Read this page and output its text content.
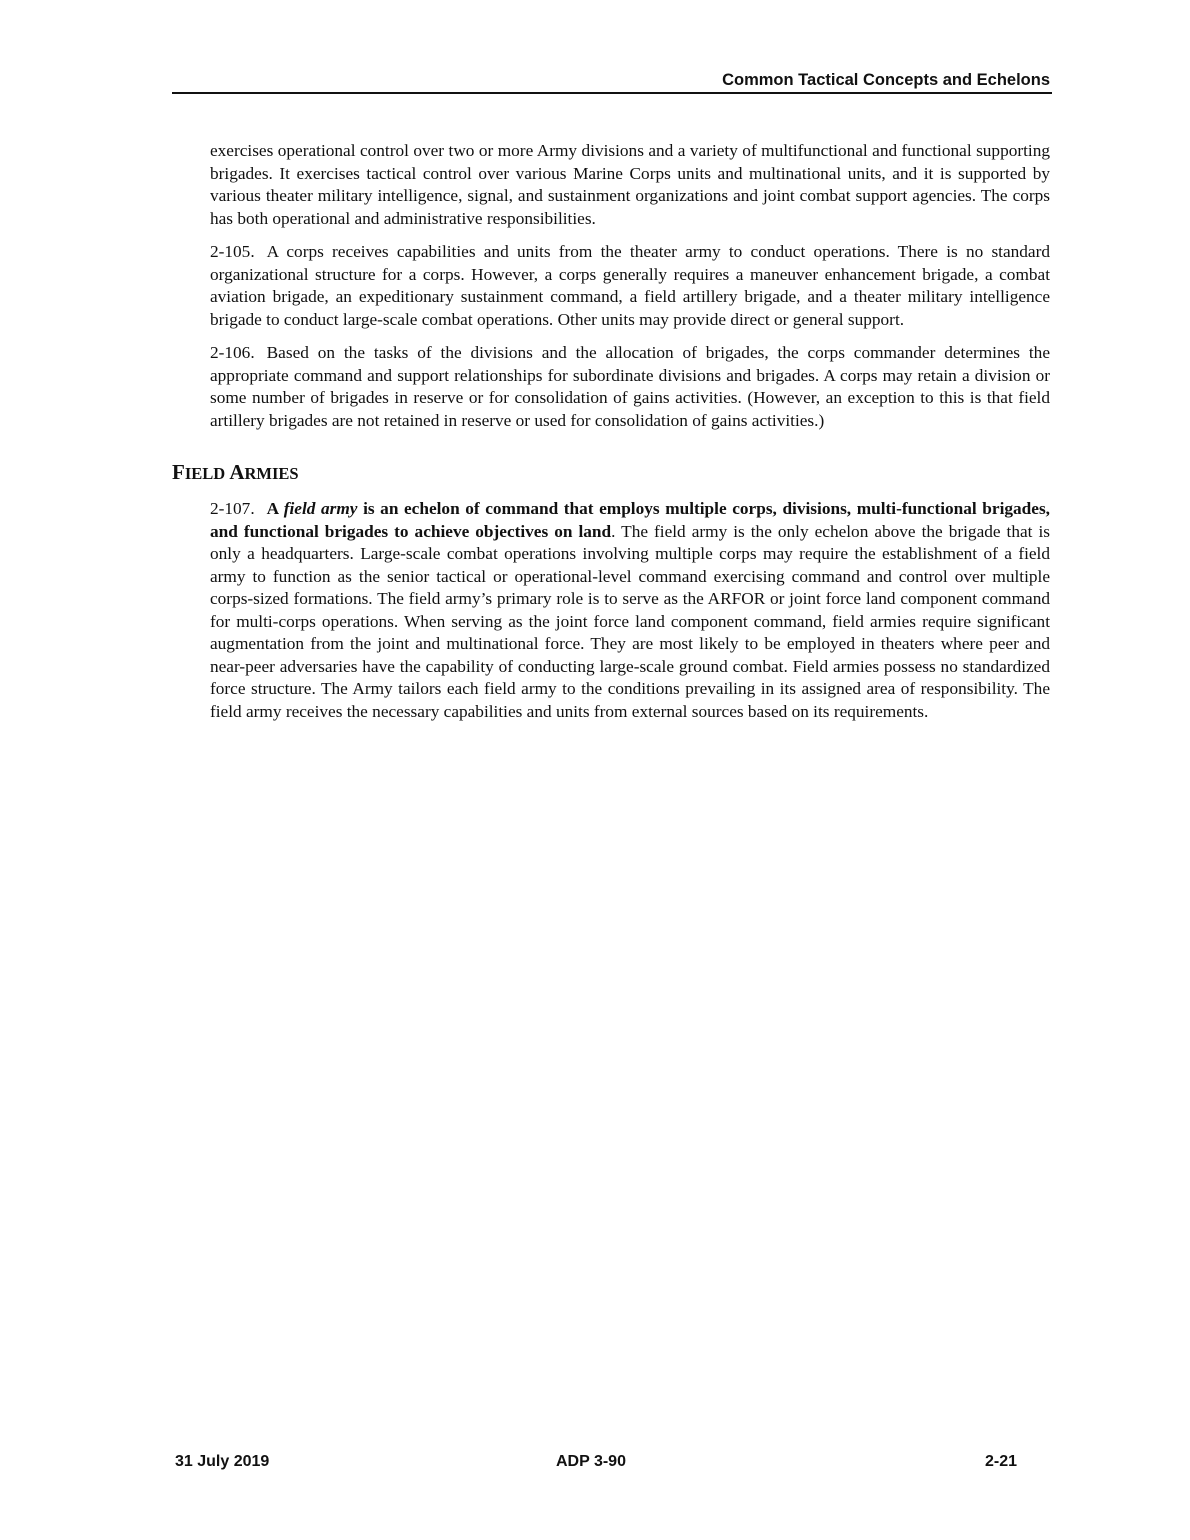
Common Tactical Concepts and Echelons

exercises operational control over two or more Army divisions and a variety of multifunctional and functional supporting brigades. It exercises tactical control over various Marine Corps units and multinational units, and it is supported by various theater military intelligence, signal, and sustainment organizations and joint combat support agencies. The corps has both operational and administrative responsibilities.

2-105. A corps receives capabilities and units from the theater army to conduct operations. There is no standard organizational structure for a corps. However, a corps generally requires a maneuver enhancement brigade, a combat aviation brigade, an expeditionary sustainment command, a field artillery brigade, and a theater military intelligence brigade to conduct large-scale combat operations. Other units may provide direct or general support.

2-106. Based on the tasks of the divisions and the allocation of brigades, the corps commander determines the appropriate command and support relationships for subordinate divisions and brigades. A corps may retain a division or some number of brigades in reserve or for consolidation of gains activities. (However, an exception to this is that field artillery brigades are not retained in reserve or used for consolidation of gains activities.)

FIELD ARMIES

2-107. A field army is an echelon of command that employs multiple corps, divisions, multi-functional brigades, and functional brigades to achieve objectives on land. The field army is the only echelon above the brigade that is only a headquarters. Large-scale combat operations involving multiple corps may require the establishment of a field army to function as the senior tactical or operational-level command exercising command and control over multiple corps-sized formations. The field army’s primary role is to serve as the ARFOR or joint force land component command for multi-corps operations. When serving as the joint force land component command, field armies require significant augmentation from the joint and multinational force. They are most likely to be employed in theaters where peer and near-peer adversaries have the capability of conducting large-scale ground combat. Field armies possess no standardized force structure. The Army tailors each field army to the conditions prevailing in its assigned area of responsibility. The field army receives the necessary capabilities and units from external sources based on its requirements.

31 July 2019	ADP 3-90	2-21
